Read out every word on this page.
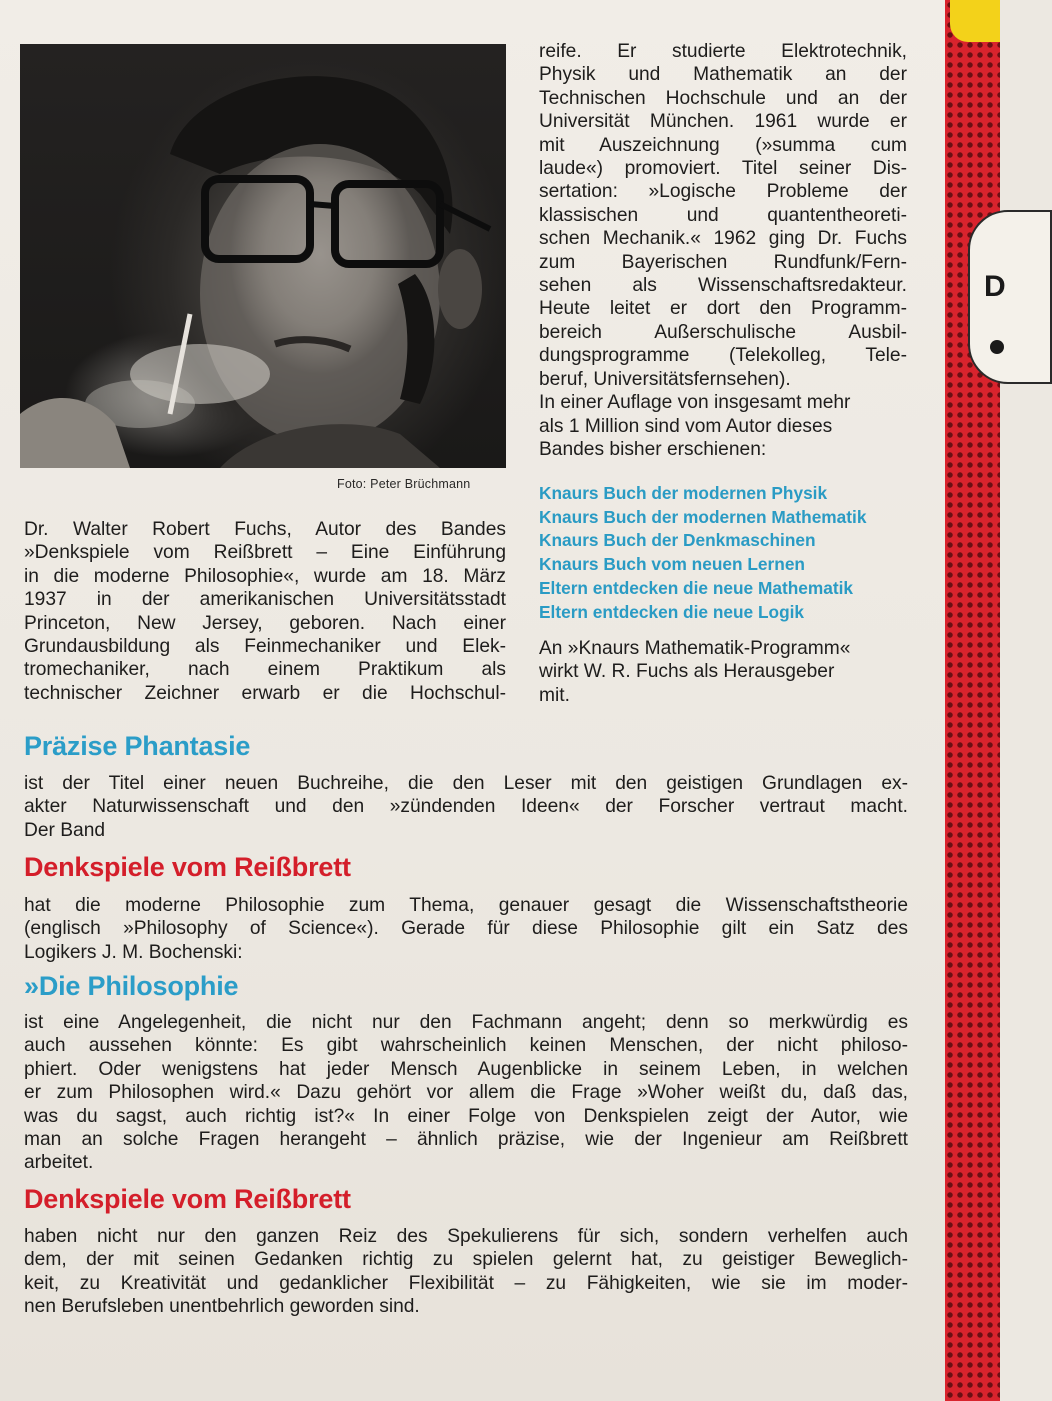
D
Foto: Peter Brüchmann
Dr. Walter Robert Fuchs, Autor des Bandes
»Denkspiele vom Reißbrett – Eine Einführung
in die moderne Philosophie«, wurde am 18. März
1937 in der amerikanischen Universitätsstadt
Princeton, New Jersey, geboren. Nach einer
Grundausbildung als Feinmechaniker und Elek-
tromechaniker, nach einem Praktikum als
technischer Zeichner erwarb er die Hochschul-
reife. Er studierte Elektrotechnik,
Physik und Mathematik an der
Technischen Hochschule und an der
Universität München. 1961 wurde er
mit Auszeichnung (»summa cum
laude«) promoviert. Titel seiner Dis-
sertation: »Logische Probleme der
klassischen und quantentheoreti-
schen Mechanik.« 1962 ging Dr. Fuchs
zum Bayerischen Rundfunk/Fern-
sehen als Wissenschaftsredakteur.
Heute leitet er dort den Programm-
bereich Außerschulische Ausbil-
dungsprogramme (Telekolleg, Tele-
beruf, Universitätsfernsehen).
In einer Auflage von insgesamt mehr
als 1 Million sind vom Autor dieses
Bandes bisher erschienen:
Knaurs Buch der modernen Physik
Knaurs Buch der modernen Mathematik
Knaurs Buch der Denkmaschinen
Knaurs Buch vom neuen Lernen
Eltern entdecken die neue Mathematik
Eltern entdecken die neue Logik
An »Knaurs Mathematik-Programm«
wirkt W. R. Fuchs als Herausgeber
mit.
Präzise Phantasie
ist der Titel einer neuen Buchreihe, die den Leser mit den geistigen Grundlagen ex-
akter Naturwissenschaft und den »zündenden Ideen« der Forscher vertraut macht.
Der Band
Denkspiele vom Reißbrett
hat die moderne Philosophie zum Thema, genauer gesagt die Wissenschaftstheorie
(englisch »Philosophy of Science«). Gerade für diese Philosophie gilt ein Satz des
Logikers J. M. Bochenski:
»Die Philosophie
ist eine Angelegenheit, die nicht nur den Fachmann angeht; denn so merkwürdig es
auch aussehen könnte: Es gibt wahrscheinlich keinen Menschen, der nicht philoso-
phiert. Oder wenigstens hat jeder Mensch Augenblicke in seinem Leben, in welchen
er zum Philosophen wird.« Dazu gehört vor allem die Frage »Woher weißt du, daß das,
was du sagst, auch richtig ist?« In einer Folge von Denkspielen zeigt der Autor, wie
man an solche Fragen herangeht – ähnlich präzise, wie der Ingenieur am Reißbrett
arbeitet.
Denkspiele vom Reißbrett
haben nicht nur den ganzen Reiz des Spekulierens für sich, sondern verhelfen auch
dem, der mit seinen Gedanken richtig zu spielen gelernt hat, zu geistiger Beweglich-
keit, zu Kreativität und gedanklicher Flexibilität – zu Fähigkeiten, wie sie im moder-
nen Berufsleben unentbehrlich geworden sind.
